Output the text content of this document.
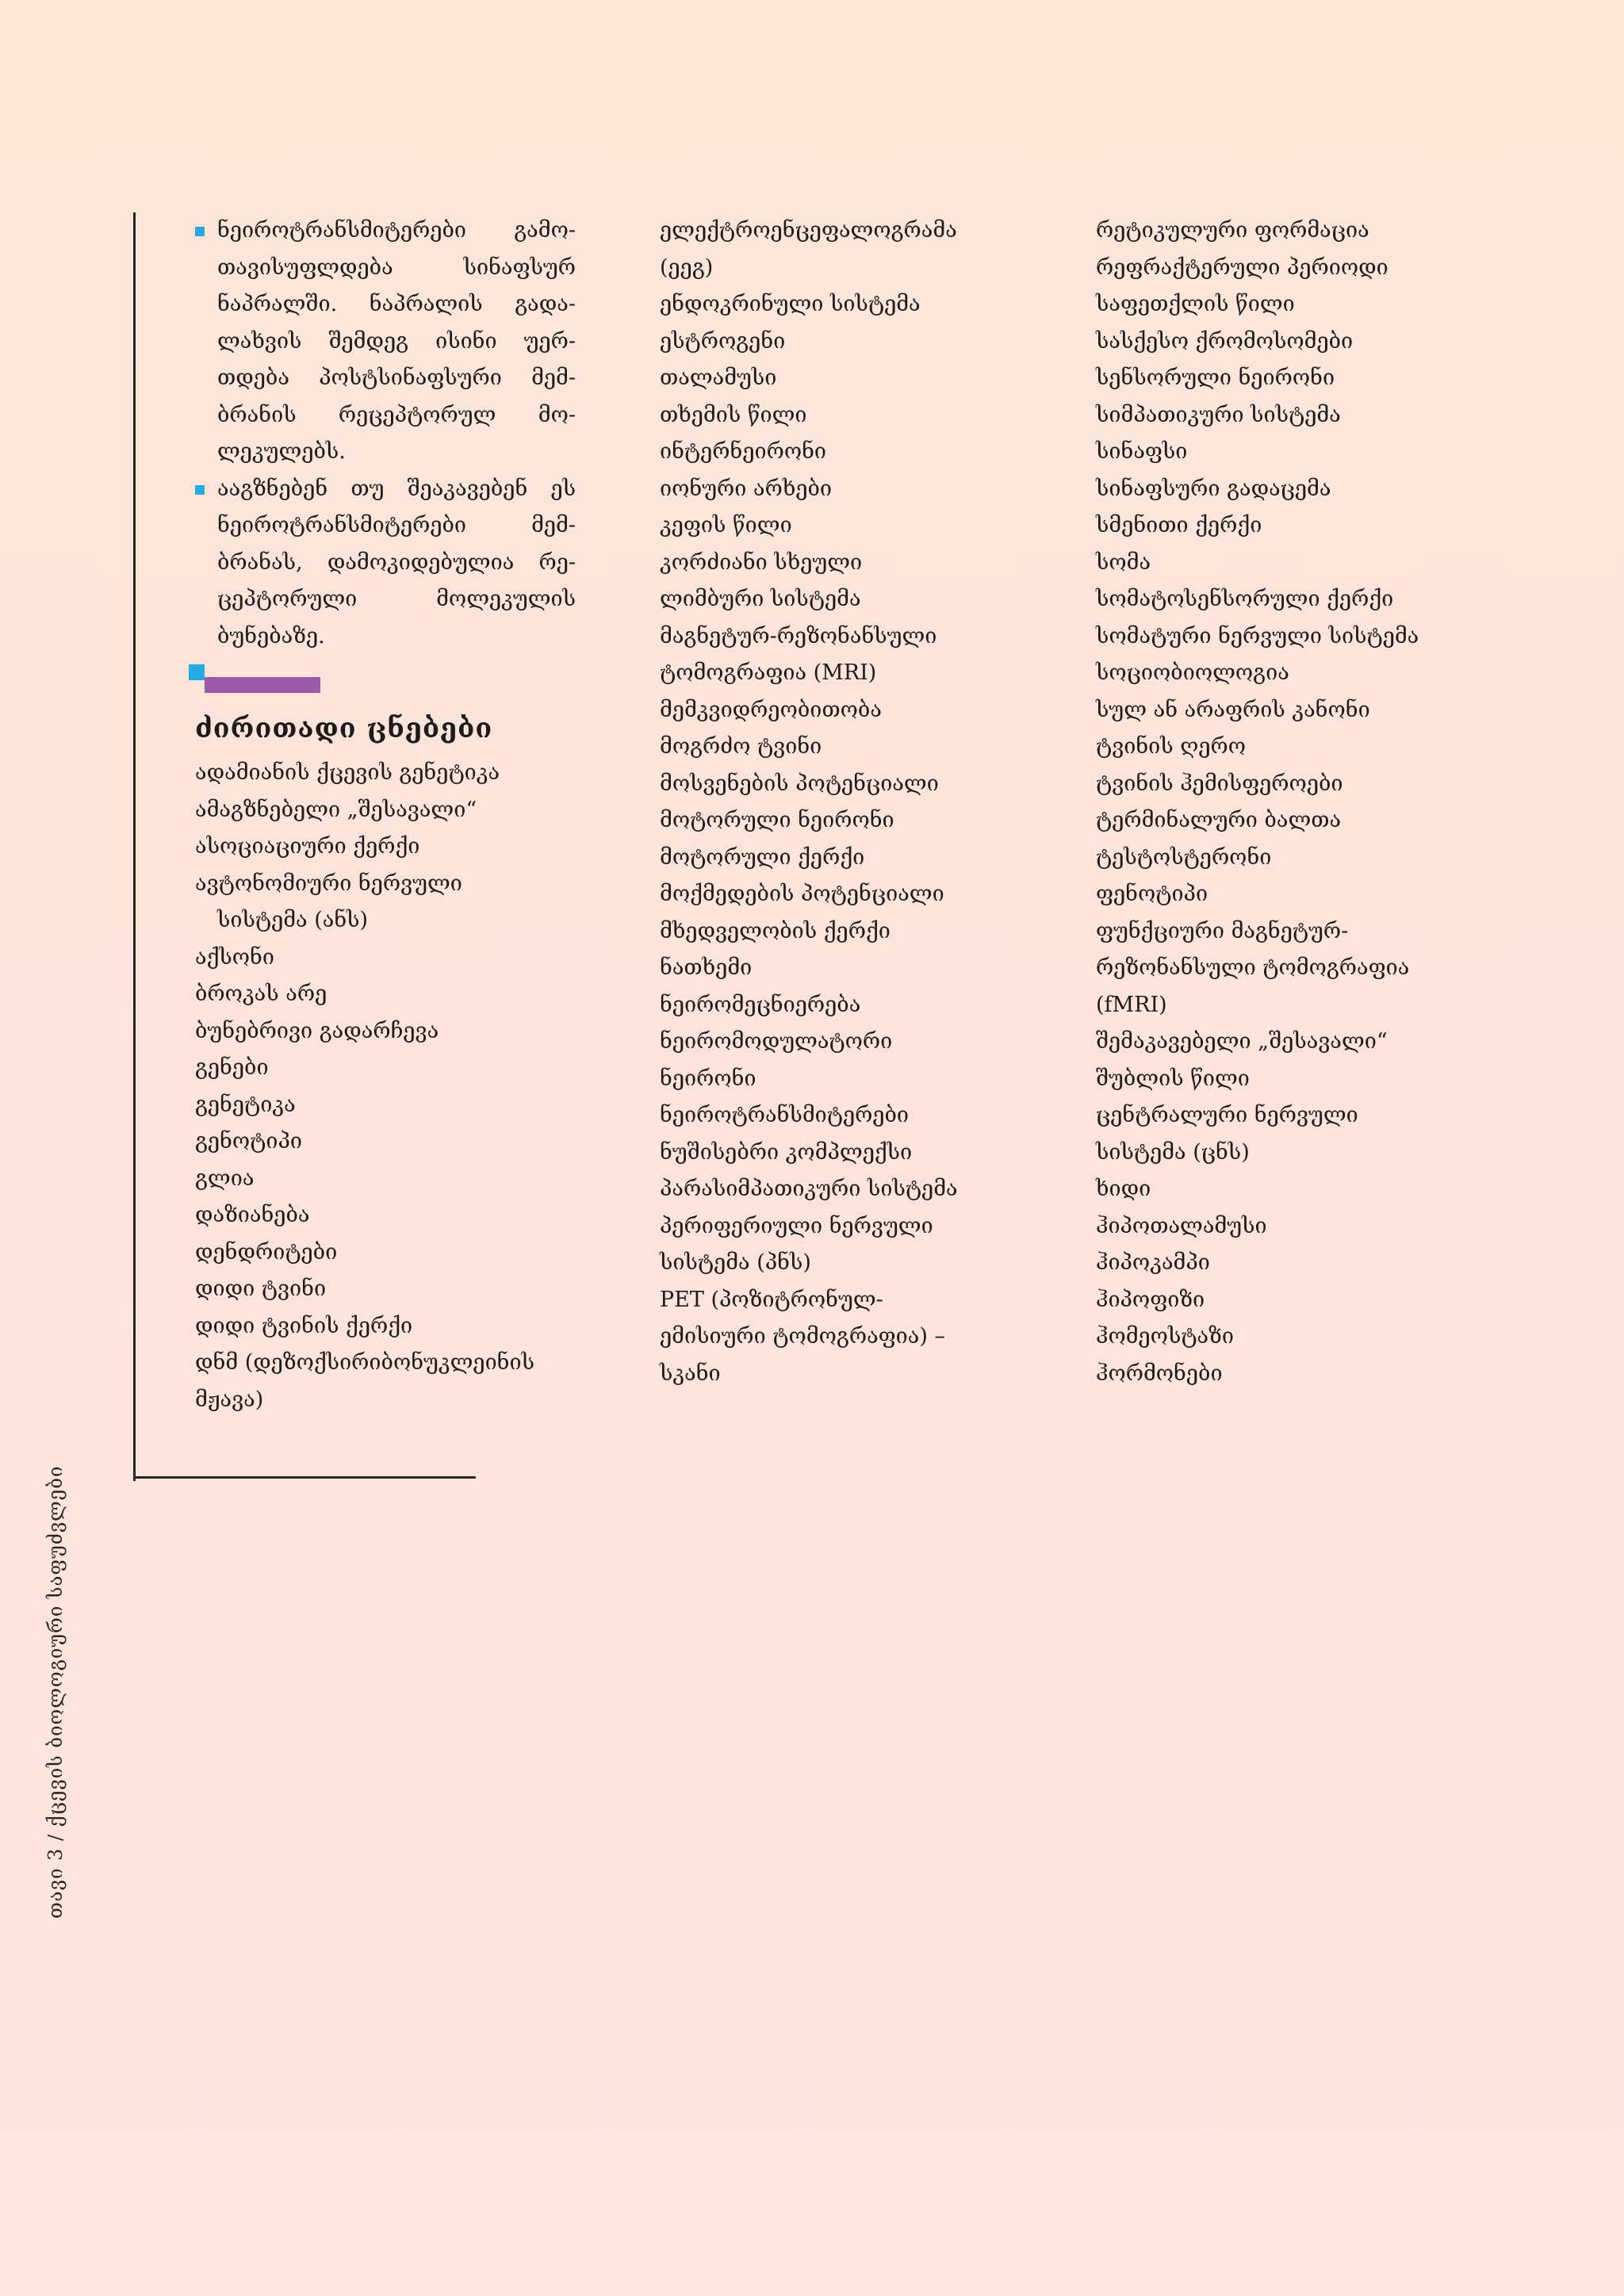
ნეიროტრანსმიტერები გამო-
თავისუფლდება სინაფსურ
ნაპრალში. ნაპრალის გადა-
ლახვის შემდეგ ისინი უერ-
თდება პოსტსინაფსური მემ-
ბრანის რეცეპტორულ მო-
ლეკულებს.
ააგზნებენ თუ შეაკავებენ ეს
ნეიროტრანსმიტერები მემ-
ბრანას, დამოკიდებულია რე-
ცეპტორული მოლეკულის
ბუნებაზე.
ძირითადი ცნებები
ადამიანის ქცევის გენეტიკა
ამაგზნებელი „შესავალი“
ასოციაციური ქერქი
ავტონომიური ნერვული
სისტემა (ანს)
აქსონი
ბროკას არე
ბუნებრივი გადარჩევა
გენები
გენეტიკა
გენოტიპი
გლია
დაზიანება
დენდრიტები
დიდი ტვინი
დიდი ტვინის ქერქი
დნმ (დეზოქსირიბონუკლეინის
მჟავა)
ელექტროენცეფალოგრამა
(ეეგ)
ენდოკრინული სისტემა
ესტროგენი
თალამუსი
თხემის წილი
ინტერნეირონი
იონური არხები
კეფის წილი
კორძიანი სხეული
ლიმბური სისტემა
მაგნეტურ-რეზონანსული
ტომოგრაფია (MRI)
მემკვიდრეობითობა
მოგრძო ტვინი
მოსვენების პოტენციალი
მოტორული ნეირონი
მოტორული ქერქი
მოქმედების პოტენციალი
მხედველობის ქერქი
ნათხემი
ნეირომეცნიერება
ნეირომოდულატორი
ნეირონი
ნეიროტრანსმიტერები
ნუშისებრი კომპლექსი
პარასიმპათიკური სისტემა
პერიფერიული ნერვული
სისტემა (პნს)
PET (პოზიტრონულ-
ემისიური ტომოგრაფია) –
სკანი
რეტიკულური ფორმაცია
რეფრაქტერული პერიოდი
საფეთქლის წილი
სასქესო ქრომოსომები
სენსორული ნეირონი
სიმპათიკური სისტემა
სინაფსი
სინაფსური გადაცემა
სმენითი ქერქი
სომა
სომატოსენსორული ქერქი
სომატური ნერვული სისტემა
სოციობიოლოგია
სულ ან არაფრის კანონი
ტვინის ღერო
ტვინის ჰემისფეროები
ტერმინალური ბალთა
ტესტოსტერონი
ფენოტიპი
ფუნქციური მაგნეტურ-
რეზონანსული ტომოგრაფია
(fMRI)
შემაკავებელი „შესავალი“
შუბლის წილი
ცენტრალური ნერვული
სისტემა (ცნს)
ხიდი
ჰიპოთალამუსი
ჰიპოკამპი
ჰიპოფიზი
ჰომეოსტაზი
ჰორმონები
თავი 3 / ქცევის ბიოლოგიური საფუძვლები
